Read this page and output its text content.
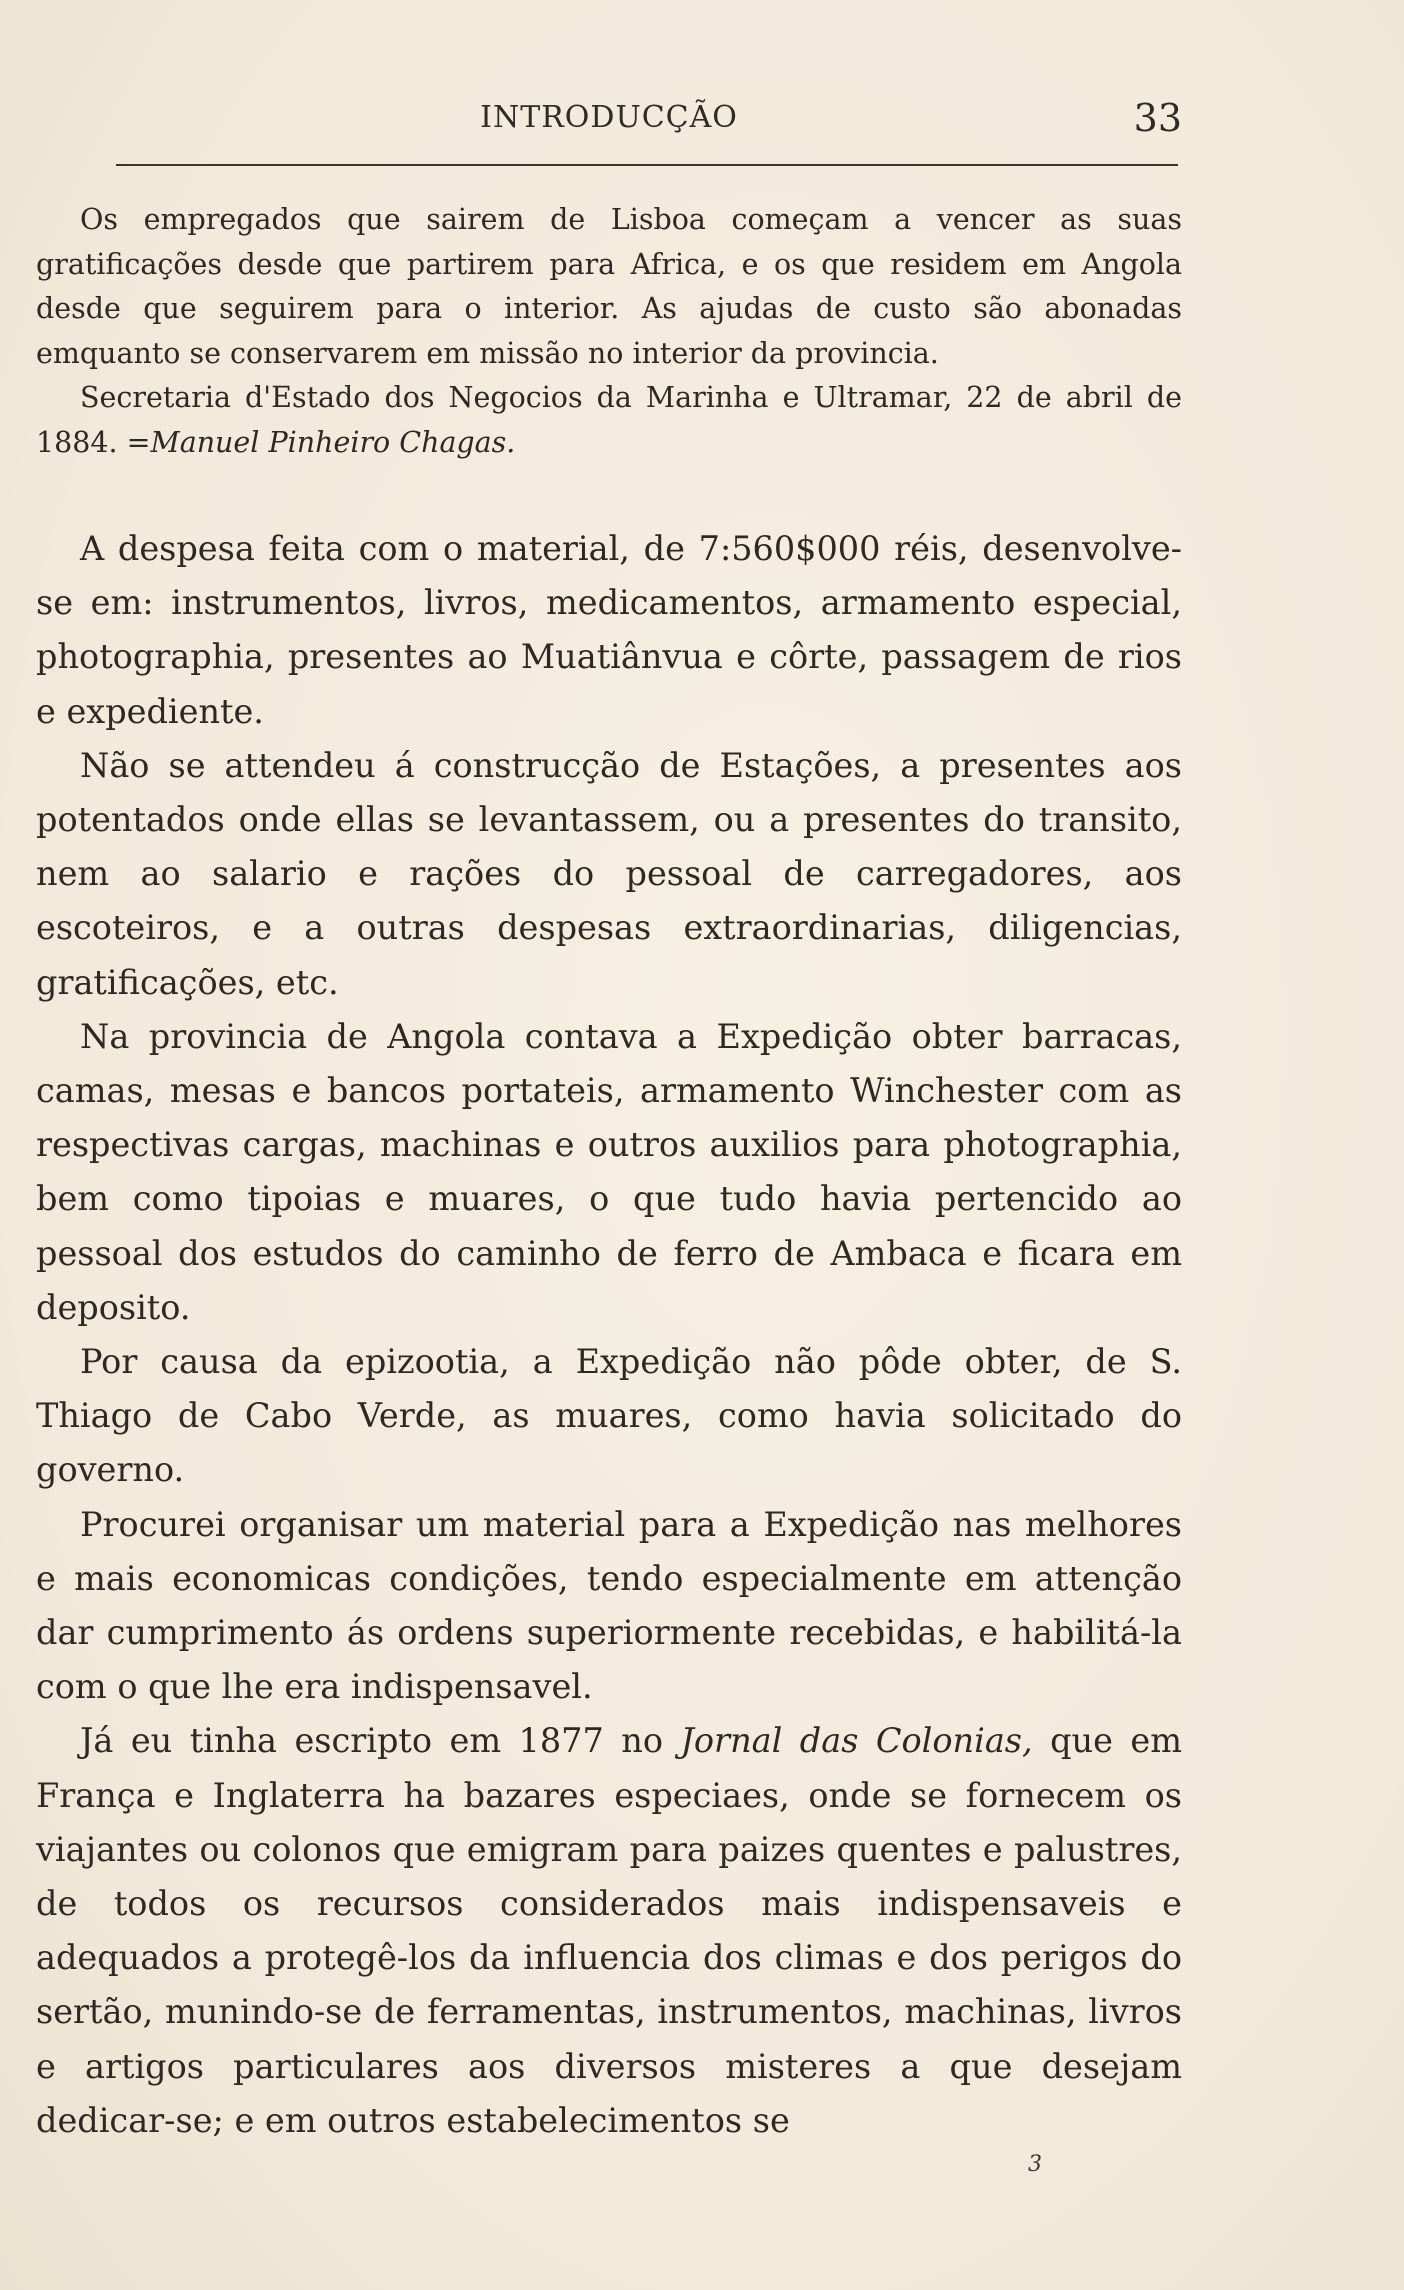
INTRODUCÇÃO	33

Os empregados que sairem de Lisboa começam a vencer as suas gratificações desde que partirem para Africa, e os que residem em Angola desde que seguirem para o interior. As ajudas de custo são abonadas emquanto se conservarem em missão no interior da provincia.

Secretaria d'Estado dos Negocios da Marinha e Ultramar, 22 de abril de 1884. =Manuel Pinheiro Chagas.

A despesa feita com o material, de 7:560$000 réis, desenvolve-se em: instrumentos, livros, medicamentos, armamento especial, photographia, presentes ao Muatiânvua e côrte, passagem de rios e expediente.

Não se attendeu á construcção de Estações, a presentes aos potentados onde ellas se levantassem, ou a presentes do transito, nem ao salario e rações do pessoal de carregadores, aos escoteiros, e a outras despesas extraordinarias, diligencias, gratificações, etc.

Na provincia de Angola contava a Expedição obter barracas, camas, mesas e bancos portateis, armamento Winchester com as respectivas cargas, machinas e outros auxilios para photographia, bem como tipoias e muares, o que tudo havia pertencido ao pessoal dos estudos do caminho de ferro de Ambaca e ficara em deposito.

Por causa da epizootia, a Expedição não pôde obter, de S. Thiago de Cabo Verde, as muares, como havia solicitado do governo.

Procurei organisar um material para a Expedição nas melhores e mais economicas condições, tendo especialmente em attenção dar cumprimento ás ordens superiormente recebidas, e habilitá-la com o que lhe era indispensavel.

Já eu tinha escripto em 1877 no Jornal das Colonias, que em França e Inglaterra ha bazares especiaes, onde se fornecem os viajantes ou colonos que emigram para paizes quentes e palustres, de todos os recursos considerados mais indispensaveis e adequados a protegê-los da influencia dos climas e dos perigos do sertão, munindo-se de ferramentas, instrumentos, machinas, livros e artigos particulares aos diversos misteres a que desejam dedicar-se; e em outros estabelecimentos se

3
